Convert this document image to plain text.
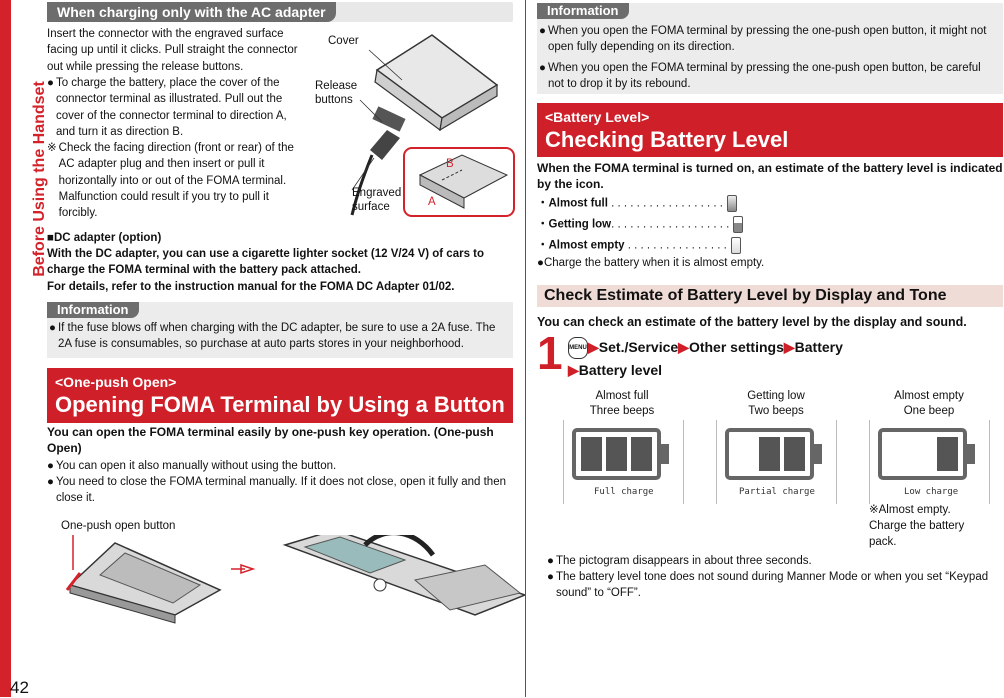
Before Using the Handset
42
When charging only with the AC adapter
Insert the connector with the engraved surface facing up until it clicks. Pull straight the connector out while pressing the release buttons.
● To charge the battery, place the cover of the connector terminal as illustrated. Pull out the cover of the connector terminal to direction A, and turn it as direction B.
※ Check the facing direction (front or rear) of the AC adapter plug and then insert or pull it horizontally into or out of the FOMA terminal. Malfunction could result if you try to pull it forcibly.
Cover
Release buttons
Engraved surface	A
B
■DC adapter (option)
With the DC adapter, you can use a cigarette lighter socket (12 V/24 V) of cars to charge the FOMA terminal with the battery pack attached.
For details, refer to the instruction manual for the FOMA DC Adapter 01/02.
Information
● If the fuse blows off when charging with the DC adapter, be sure to use a 2A fuse. The 2A fuse is consumables, so purchase at auto parts stores in your neighborhood.
<One-push Open>
Opening FOMA Terminal by Using a Button
You can open the FOMA terminal easily by one-push key operation. (One-push Open)
● You can open it also manually without using the button.
● You need to close the FOMA terminal manually. If it does not close, open it fully and then close it.
One-push open button
Information
● When you open the FOMA terminal by pressing the one-push open button, it might not open fully depending on its direction.
● When you open the FOMA terminal by pressing the one-push open button, be careful not to drop it by its rebound.
<Battery Level>
Checking Battery Level
When the FOMA terminal is turned on, an estimate of the battery level is indicated by the icon.
・Almost full . . . . . . . . . . . . . . . . . .
・Getting low. . . . . . . . . . . . . . . . . . .
・Almost empty . . . . . . . . . . . . . . . .
●Charge the battery when it is almost empty.
Check Estimate of Battery Level by Display and Tone
You can check an estimate of the battery level by the display and sound.
1 MENU▶Set./Service▶Other settings▶Battery
▶Battery level
Almost full
Three beeps
Getting low
Two beeps
Almost empty
One beep
Full charge	Partial charge	Low charge
※Almost empty. Charge the battery pack.
● The pictogram disappears in about three seconds.
● The battery level tone does not sound during Manner Mode or when you set “Keypad sound” to “OFF”.
